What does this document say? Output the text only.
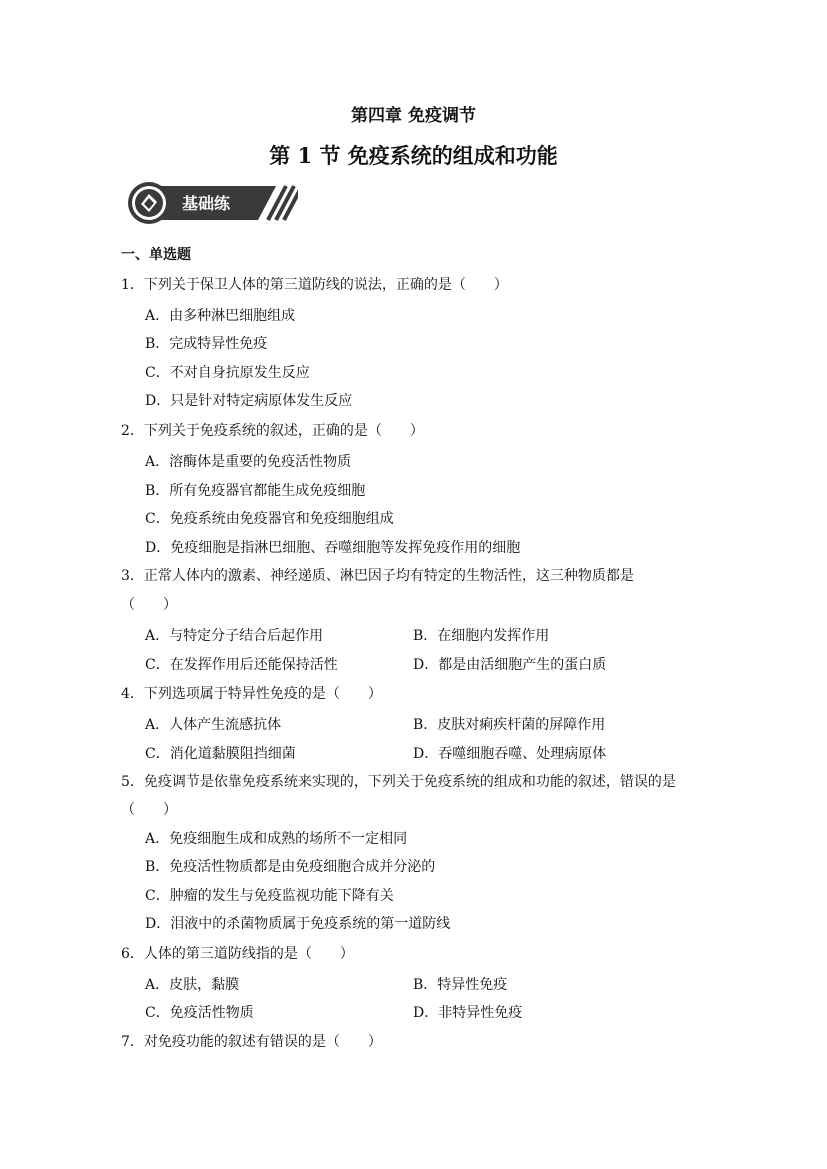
第四章 免疫调节
第 1 节 免疫系统的组成和功能
基础练
一、单选题
1．下列关于保卫人体的第三道防线的说法，正确的是（　　）
A．由多种淋巴细胞组成
B．完成特异性免疫
C．不对自身抗原发生反应
D．只是针对特定病原体发生反应
2．下列关于免疫系统的叙述，正确的是（　　）
A．溶酶体是重要的免疫活性物质
B．所有免疫器官都能生成免疫细胞
C．免疫系统由免疫器官和免疫细胞组成
D．免疫细胞是指淋巴细胞、吞噬细胞等发挥免疫作用的细胞
3．正常人体内的激素、神经递质、淋巴因子均有特定的生物活性，这三种物质都是
（　　）
A．与特定分子结合后起作用	B．在细胞内发挥作用
C．在发挥作用后还能保持活性	D．都是由活细胞产生的蛋白质
4．下列选项属于特异性免疫的是（　　）
A．人体产生流感抗体	B．皮肤对痢疾杆菌的屏障作用
C．消化道黏膜阻挡细菌	D．吞噬细胞吞噬、处理病原体
5．免疫调节是依靠免疫系统来实现的，下列关于免疫系统的组成和功能的叙述，错误的是
（　　）
A．免疫细胞生成和成熟的场所不一定相同
B．免疫活性物质都是由免疫细胞合成并分泌的
C．肿瘤的发生与免疫监视功能下降有关
D．泪液中的杀菌物质属于免疫系统的第一道防线
6．人体的第三道防线指的是（　　）
A．皮肤，黏膜	B．特异性免疫
C．免疫活性物质	D．非特异性免疫
7．对免疫功能的叙述有错误的是（　　）
